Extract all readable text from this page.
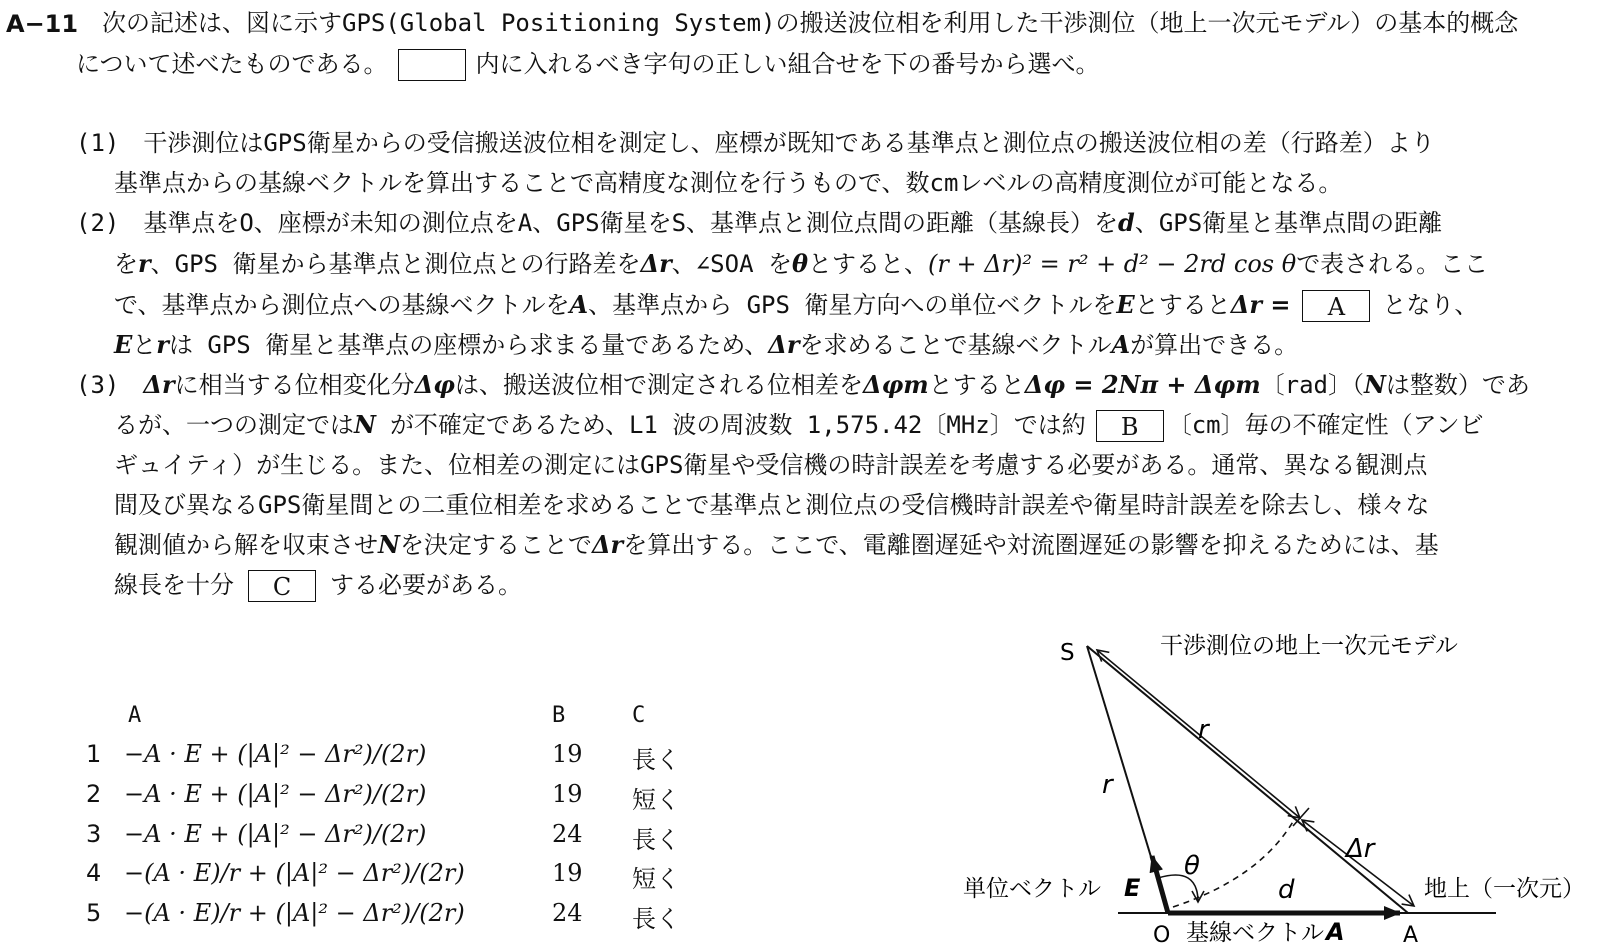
A−11 次の記述は、図に示すGPS(Global Positioning System)の搬送波位相を利用した干渉測位（地上一次元モデル）の基本的概念
について述べたものである。	内に入れるべき字句の正しい組合せを下の番号から選べ。
(1)　干渉測位はGPS衛星からの受信搬送波位相を測定し、座標が既知である基準点と測位点の搬送波位相の差（行路差）より
基準点からの基線ベクトルを算出することで高精度な測位を行うもので、数cmレベルの高精度測位が可能となる。
(2)　基準点をO、座標が未知の測位点をA、GPS衛星をS、基準点と測位点間の距離（基線長）をd、GPS衛星と基準点間の距離
をr、GPS 衛星から基準点と測位点との行路差をΔr、∠SOA をθとすると、(r + Δr)² = r² + d² − 2rd cos θで表される。ここ
で、基準点から測位点への基線ベクトルをA、基準点から GPS 衛星方向への単位ベクトルをEとするとΔr = A となり、
Eとrは GPS 衛星と基準点の座標から求まる量であるため、Δrを求めることで基線ベクトルAが算出できる。
(3)　Δrに相当する位相変化分Δφは、搬送波位相で測定される位相差をΔφmとするとΔφ = 2Nπ + Δφm〔rad〕（Nは整数）であ
るが、一つの測定ではN が不確定であるため、L1 波の周波数 1,575.42〔MHz〕では約 B 〔cm〕毎の不確定性（アンビ
ギュイティ）が生じる。また、位相差の測定にはGPS衛星や受信機の時計誤差を考慮する必要がある。通常、異なる観測点
間及び異なるGPS衛星間との二重位相差を求めることで基準点と測位点の受信機時計誤差や衛星時計誤差を除去し、様々な
観測値から解を収束させNを決定することでΔrを算出する。ここで、電離圏遅延や対流圏遅延の影響を抑えるためには、基
線長を十分 C する必要がある。
A	B	C
1 −A · E + (|A|² − Δr²)/(2r)	19 長く
2 −A · E + (|A|² − Δr²)/(2r)	19 短く
3 −A · E + (|A|² − Δr²)/(2r)	24 長く
4 −(A · E)/r + (|A|² − Δr²)/(2r)	19 短く
5 −(A · E)/r + (|A|² − Δr²)/(2r)	24 長く
干渉測位の地上一次元モデル
S
O	A
r
r
Δr
d
θ
単位ベクトル E
基線ベクトル A
地上（一次元）
